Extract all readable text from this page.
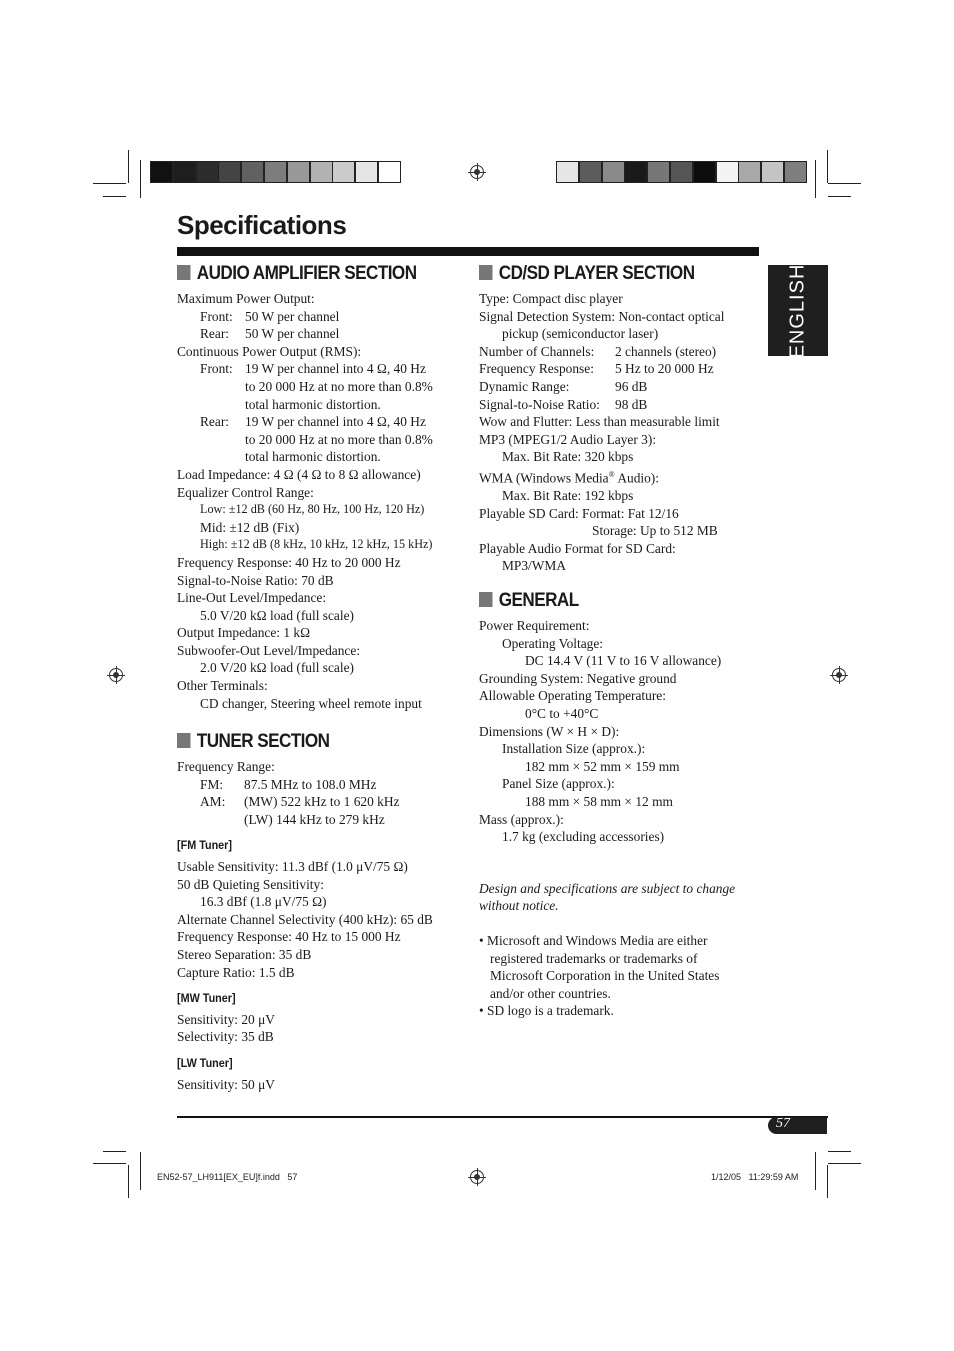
Specifications
ENGLISH
AUDIO AMPLIFIER SECTION
Maximum Power Output:
Front: 50 W per channel
Rear: 50 W per channel
Continuous Power Output (RMS):
Front: 19 W per channel into 4 Ω, 40 Hz
to 20 000 Hz at no more than 0.8%
total harmonic distortion.
Rear: 19 W per channel into 4 Ω, 40 Hz
to 20 000 Hz at no more than 0.8%
total harmonic distortion.
Load Impedance: 4 Ω (4 Ω to 8 Ω allowance)
Equalizer Control Range:
Low: ±12 dB (60 Hz, 80 Hz, 100 Hz, 120 Hz)
Mid: ±12 dB (Fix)
High: ±12 dB (8 kHz, 10 kHz, 12 kHz, 15 kHz)
Frequency Response: 40 Hz to 20 000 Hz
Signal-to-Noise Ratio: 70 dB
Line-Out Level/Impedance:
5.0 V/20 kΩ load (full scale)
Output Impedance: 1 kΩ
Subwoofer-Out Level/Impedance:
2.0 V/20 kΩ load (full scale)
Other Terminals:
CD changer, Steering wheel remote input
TUNER SECTION
Frequency Range:
FM: 87.5 MHz to 108.0 MHz
AM: (MW) 522 kHz to 1 620 kHz
(LW) 144 kHz to 279 kHz
[FM Tuner]
Usable Sensitivity: 11.3 dBf (1.0 μV/75 Ω)
50 dB Quieting Sensitivity:
16.3 dBf (1.8 μV/75 Ω)
Alternate Channel Selectivity (400 kHz): 65 dB
Frequency Response: 40 Hz to 15 000 Hz
Stereo Separation: 35 dB
Capture Ratio: 1.5 dB
[MW Tuner]
Sensitivity: 20 μV
Selectivity: 35 dB
[LW Tuner]
Sensitivity: 50 μV
CD/SD PLAYER SECTION
Type: Compact disc player
Signal Detection System: Non-contact optical
pickup (semiconductor laser)
Number of Channels: 2 channels (stereo)
Frequency Response: 5 Hz to 20 000 Hz
Dynamic Range:	96 dB
Signal-to-Noise Ratio: 98 dB
Wow and Flutter: Less than measurable limit
MP3 (MPEG1/2 Audio Layer 3):
Max. Bit Rate: 320 kbps
WMA (Windows Media® Audio):
Max. Bit Rate: 192 kbps
Playable SD Card: Format: Fat 12/16
Storage: Up to 512 MB
Playable Audio Format for SD Card:
MP3/WMA
GENERAL
Power Requirement:
Operating Voltage:
DC 14.4 V (11 V to 16 V allowance)
Grounding System: Negative ground
Allowable Operating Temperature:
0°C to +40°C
Dimensions (W × H × D):
Installation Size (approx.):
182 mm × 52 mm × 159 mm
Panel Size (approx.):
188 mm × 58 mm × 12 mm
Mass (approx.):
1.7 kg (excluding accessories)
Design and specifications are subject to change
without notice.
• Microsoft and Windows Media are either registered trademarks or trademarks of Microsoft Corporation in the United States and/or other countries.
• SD logo is a trademark.
57
EN52-57_LH911[EX_EU]f.indd   57	1/12/05   11:29:59 AM
